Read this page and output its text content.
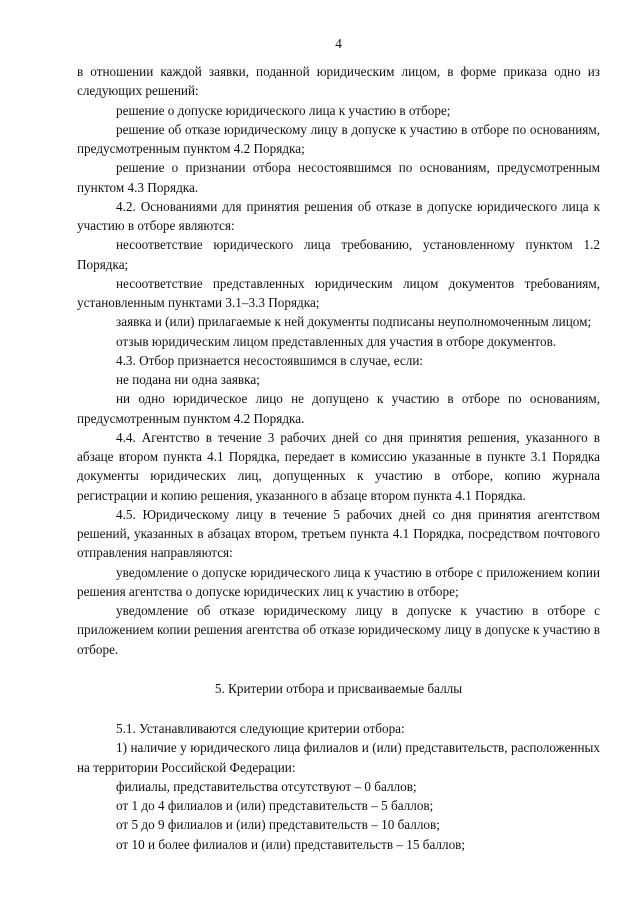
4

в отношении каждой заявки, поданной юридическим лицом, в форме приказа одно из следующих решений:

решение о допуске юридического лица к участию в отборе;

решение об отказе юридическому лицу в допуске к участию в отборе по основаниям, предусмотренным пунктом 4.2 Порядка;

решение о признании отбора несостоявшимся по основаниям, предусмотренным пунктом 4.3 Порядка.

4.2. Основаниями для принятия решения об отказе в допуске юридического лица к участию в отборе являются:

несоответствие юридического лица требованию, установленному пунктом 1.2 Порядка;

несоответствие представленных юридическим лицом документов требованиям, установленным пунктами 3.1–3.3 Порядка;

заявка и (или) прилагаемые к ней документы подписаны неуполномоченным лицом;

отзыв юридическим лицом представленных для участия в отборе документов.

4.3. Отбор признается несостоявшимся в случае, если:

не подана ни одна заявка;

ни одно юридическое лицо не допущено к участию в отборе по основаниям, предусмотренным пунктом 4.2 Порядка.

4.4. Агентство в течение 3 рабочих дней со дня принятия решения, указанного в абзаце втором пункта 4.1 Порядка, передает в комиссию указанные в пункте 3.1 Порядка документы юридических лиц, допущенных к участию в отборе, копию журнала регистрации и копию решения, указанного в абзаце втором пункта 4.1 Порядка.

4.5. Юридическому лицу в течение 5 рабочих дней со дня принятия агентством решений, указанных в абзацах втором, третьем пункта 4.1 Порядка, посредством почтового отправления направляются:

уведомление о допуске юридического лица к участию в отборе с приложением копии решения агентства о допуске юридических лиц к участию в отборе;

уведомление об отказе юридическому лицу в допуске к участию в отборе с приложением копии решения агентства об отказе юридическому лицу в допуске к участию в отборе.

5. Критерии отбора и присваиваемые баллы

5.1. Устанавливаются следующие критерии отбора:

1) наличие у юридического лица филиалов и (или) представительств, расположенных на территории Российской Федерации:

филиалы, представительства отсутствуют – 0 баллов;

от 1 до 4 филиалов и (или) представительств – 5 баллов;

от 5 до 9 филиалов и (или) представительств – 10 баллов;

от 10 и более филиалов и (или) представительств – 15 баллов;
